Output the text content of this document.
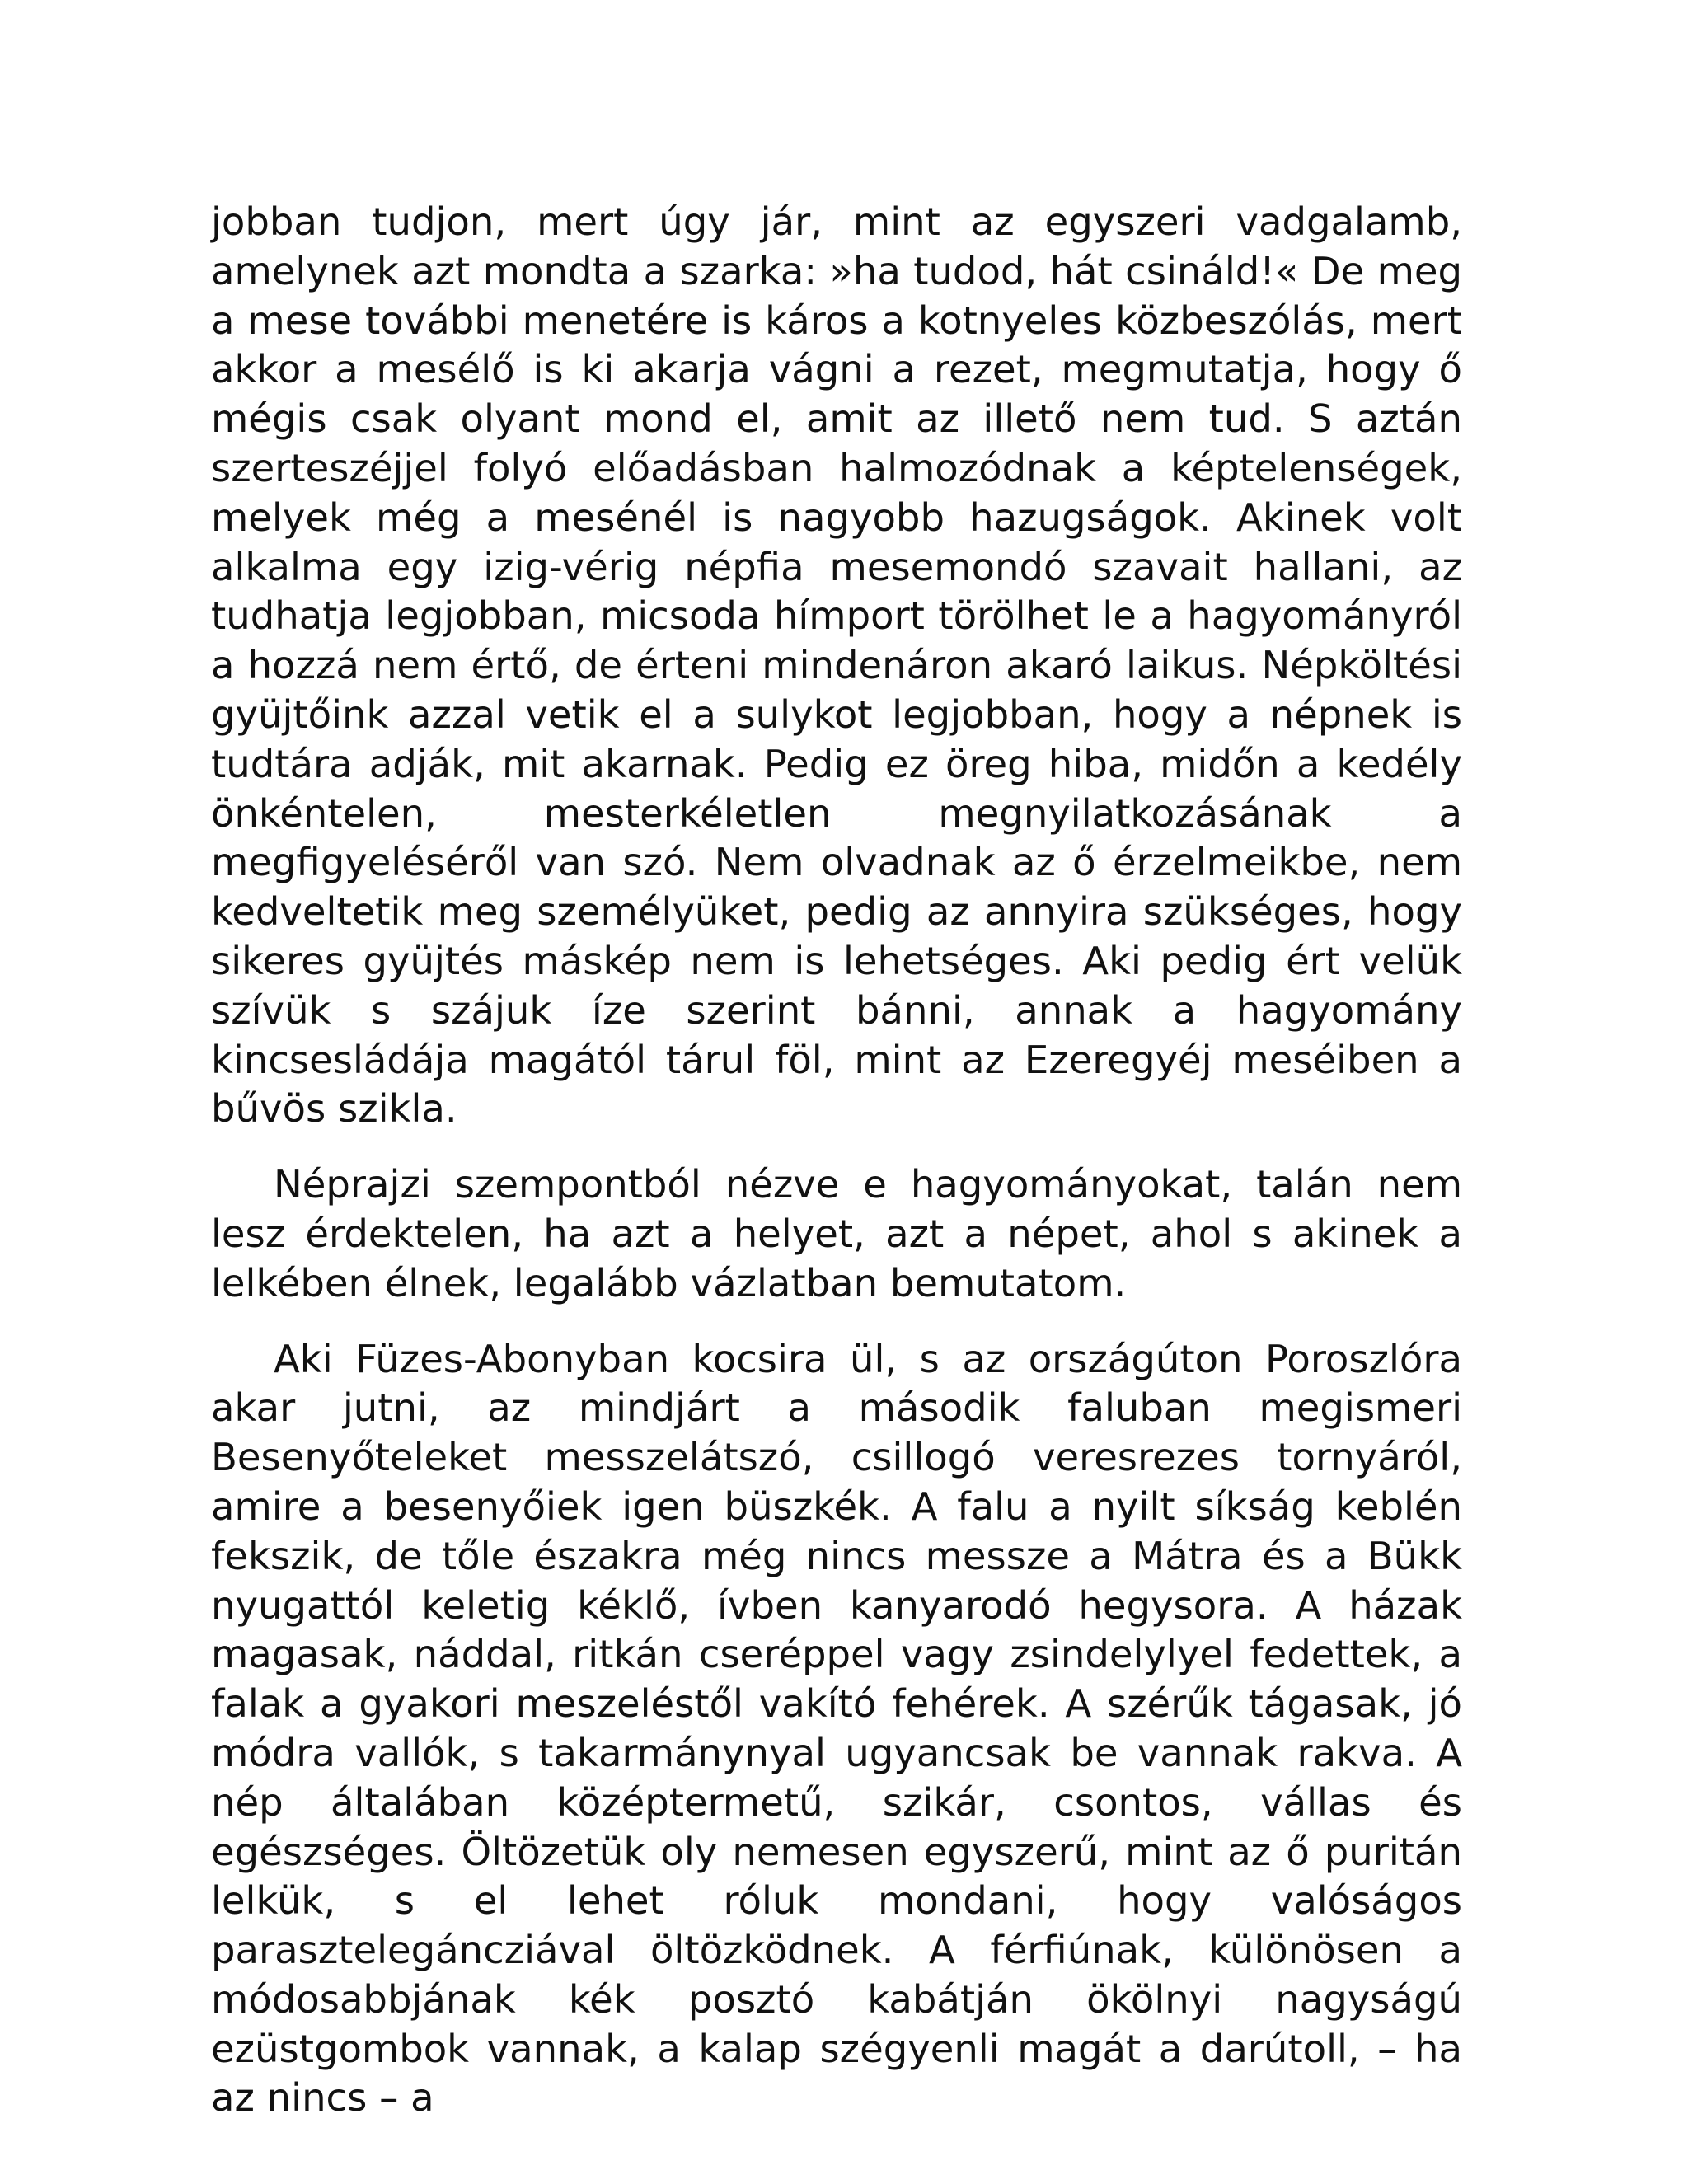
jobban tudjon, mert úgy jár, mint az egyszeri vadgalamb, amelynek azt mondta a szarka: »ha tudod, hát csináld!« De meg a mese további menetére is káros a kotnyeles közbeszólás, mert akkor a mesélő is ki akarja vágni a rezet, megmutatja, hogy ő mégis csak olyant mond el, amit az illető nem tud. S aztán szerteszéjjel folyó előadásban halmozódnak a képtelenségek, melyek még a mesénél is nagyobb hazugságok. Akinek volt alkalma egy izig-vérig népfia mesemondó szavait hallani, az tudhatja legjobban, micsoda hímport törölhet le a hagyományról a hozzá nem értő, de érteni mindenáron akaró laikus. Népköltési gyüjtőink azzal vetik el a sulykot legjobban, hogy a népnek is tudtára adják, mit akarnak. Pedig ez öreg hiba, midőn a kedély önkéntelen, mesterkéletlen megnyilatkozásának a megfigyeléséről van szó. Nem olvadnak az ő érzelmeikbe, nem kedveltetik meg személyüket, pedig az annyira szükséges, hogy sikeres gyüjtés máskép nem is lehetséges. Aki pedig ért velük szívük s szájuk íze szerint bánni, annak a hagyomány kincsesládája magától tárul föl, mint az Ezeregyéj meséiben a bűvös szikla.

Néprajzi szempontból nézve e hagyományokat, talán nem lesz érdektelen, ha azt a helyet, azt a népet, ahol s akinek a lelkében élnek, legalább vázlatban bemutatom.

Aki Füzes-Abonyban kocsira ül, s az országúton Poroszlóra akar jutni, az mindjárt a második faluban megismeri Besenyőteleket messzelátszó, csillogó veresrezes tornyáról, amire a besenyőiek igen büszkék. A falu a nyilt síkság keblén fekszik, de tőle északra még nincs messze a Mátra és a Bükk nyugattól keletig kéklő, ívben kanyarodó hegysora. A házak magasak, náddal, ritkán cseréppel vagy zsindelylyel fedettek, a falak a gyakori meszeléstől vakító fehérek. A szérűk tágasak, jó módra vallók, s takarmánynyal ugyancsak be vannak rakva. A nép általában középtermetű, szikár, csontos, vállas és egészséges. Öltözetük oly nemesen egyszerű, mint az ő puritán lelkük, s el lehet róluk mondani, hogy valóságos parasztelegáncziával öltözködnek. A férfiúnak, különösen a módosabbjának kék posztó kabátján ökölnyi nagyságú ezüstgombok vannak, a kalap szégyenli magát a darútoll, – ha az nincs – a
